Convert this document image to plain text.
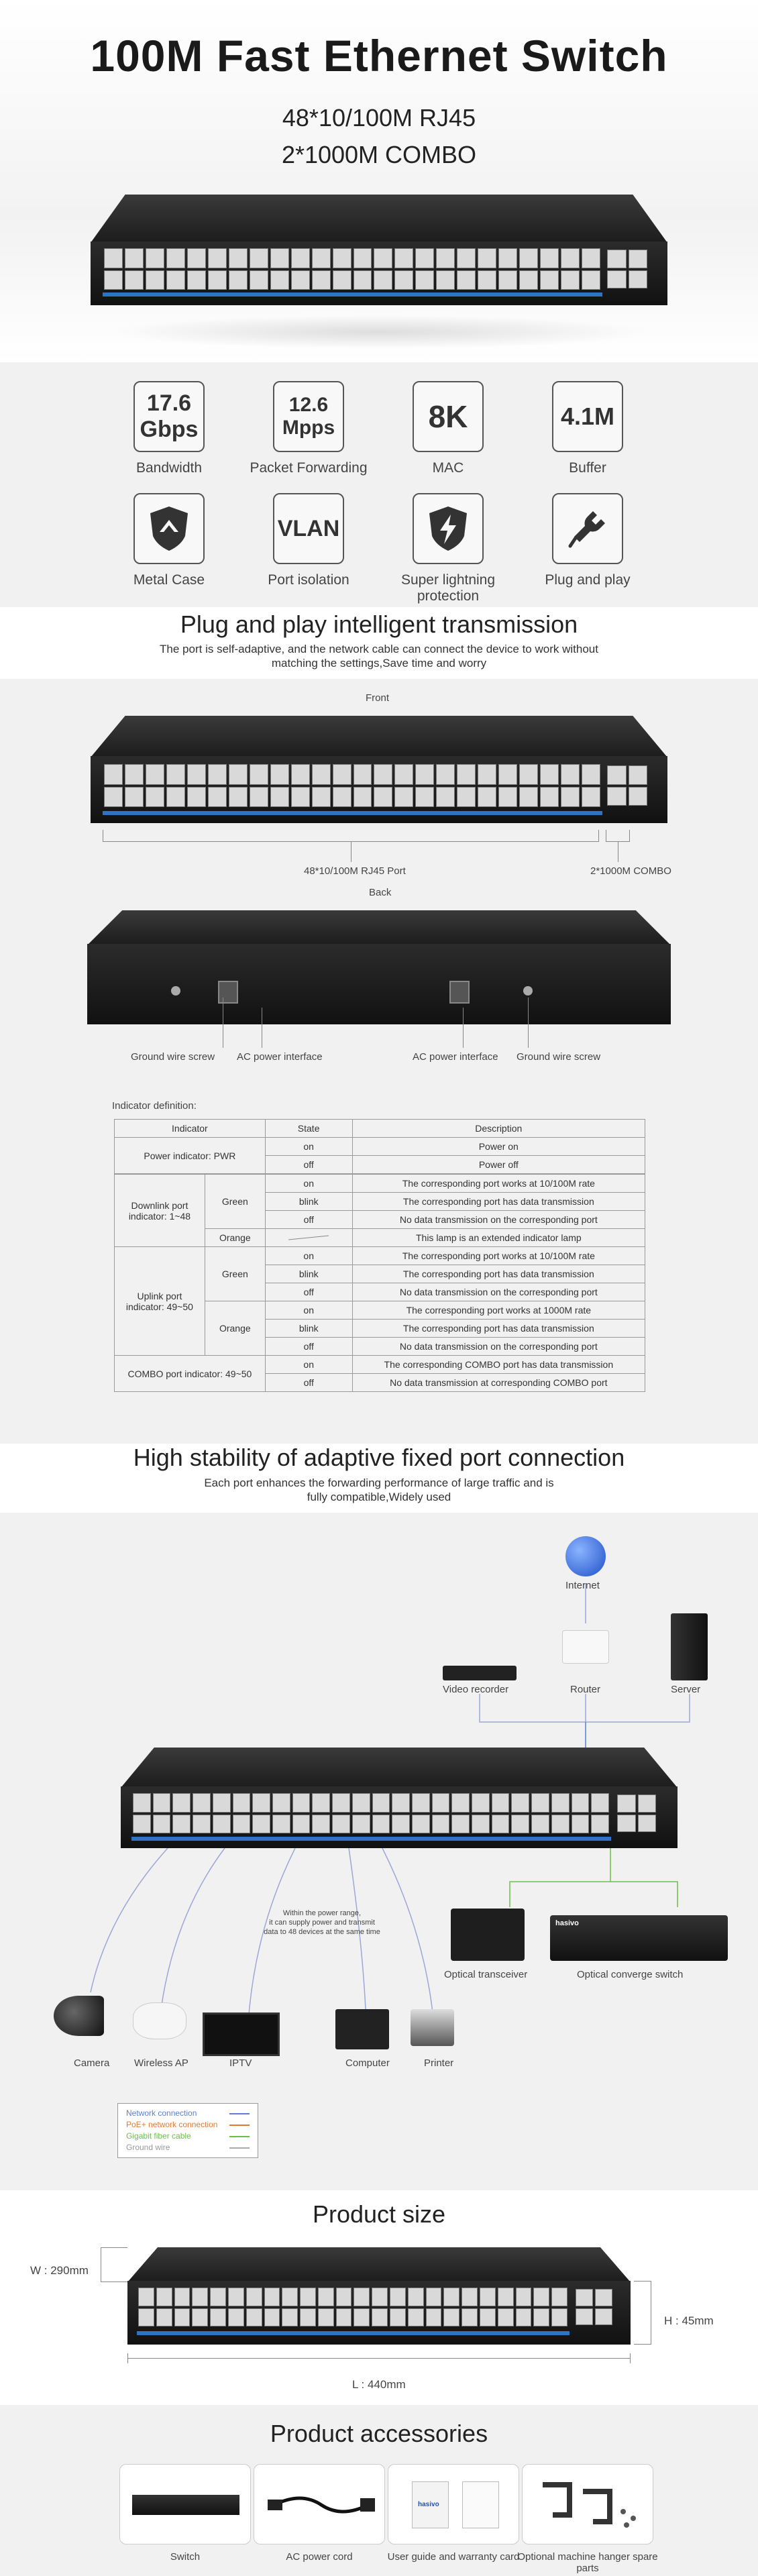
100M Fast Ethernet Switch
48*10/100M RJ45
2*1000M COMBO
17.6
Gbps
Bandwidth
12.6
Mpps
Packet Forwarding
8K
MAC
4.1M
Buffer
Metal Case
VLAN
Port isolation	Super lightning protection
Plug and play
Plug and play intelligent transmission
The port is self-adaptive, and the network cable can connect the device to work without
matching the settings,Save time and worry
Front
48*10/100M RJ45 Port	2*1000M COMBO
Back
Ground wire screw AC power interface	AC power interface Ground wire screw
Indicator definition:
Indicator	State	Description
Power indicator: PWR	on	Power on
	off	Power off
Downlink port
indicator: 1~48	Green	on	The corresponding port works at 10/100M rate
		blink	The corresponding port has data transmission
		off	No data transmission on the corresponding port
	Orange		This lamp is an extended indicator lamp
Uplink port
indicator: 49~50	Green	on	The corresponding port works at 10/100M rate
		blink	The corresponding port has data transmission
		off	No data transmission on the corresponding port
	Orange	on	The corresponding port works at 1000M rate
		blink	The corresponding port has data transmission
		off	No data transmission on the corresponding port
COMBO port indicator: 49~50		on	The corresponding COMBO port has data transmission
		off	No data transmission at corresponding COMBO port
High stability of adaptive fixed port connection
Each port enhances the forwarding performance of large traffic and is
fully compatible,Widely used
Internet
Router
Video recorder	Server
Optical transceiver
hasivo
Optical converge switch
Within the power range,
it can supply power and transmit
data to 48 devices at the same time
Camera Wireless AP	IPTV	Computer	Printer
Network connection
PoE+ network connection
Gigabit fiber cable
Ground wire
Product size
W : 290mm
H : 45mm
L : 440mm
Product accessories
hasivo
Switch	AC power cord	User guide and warranty card
Optional machine hanger spare parts
